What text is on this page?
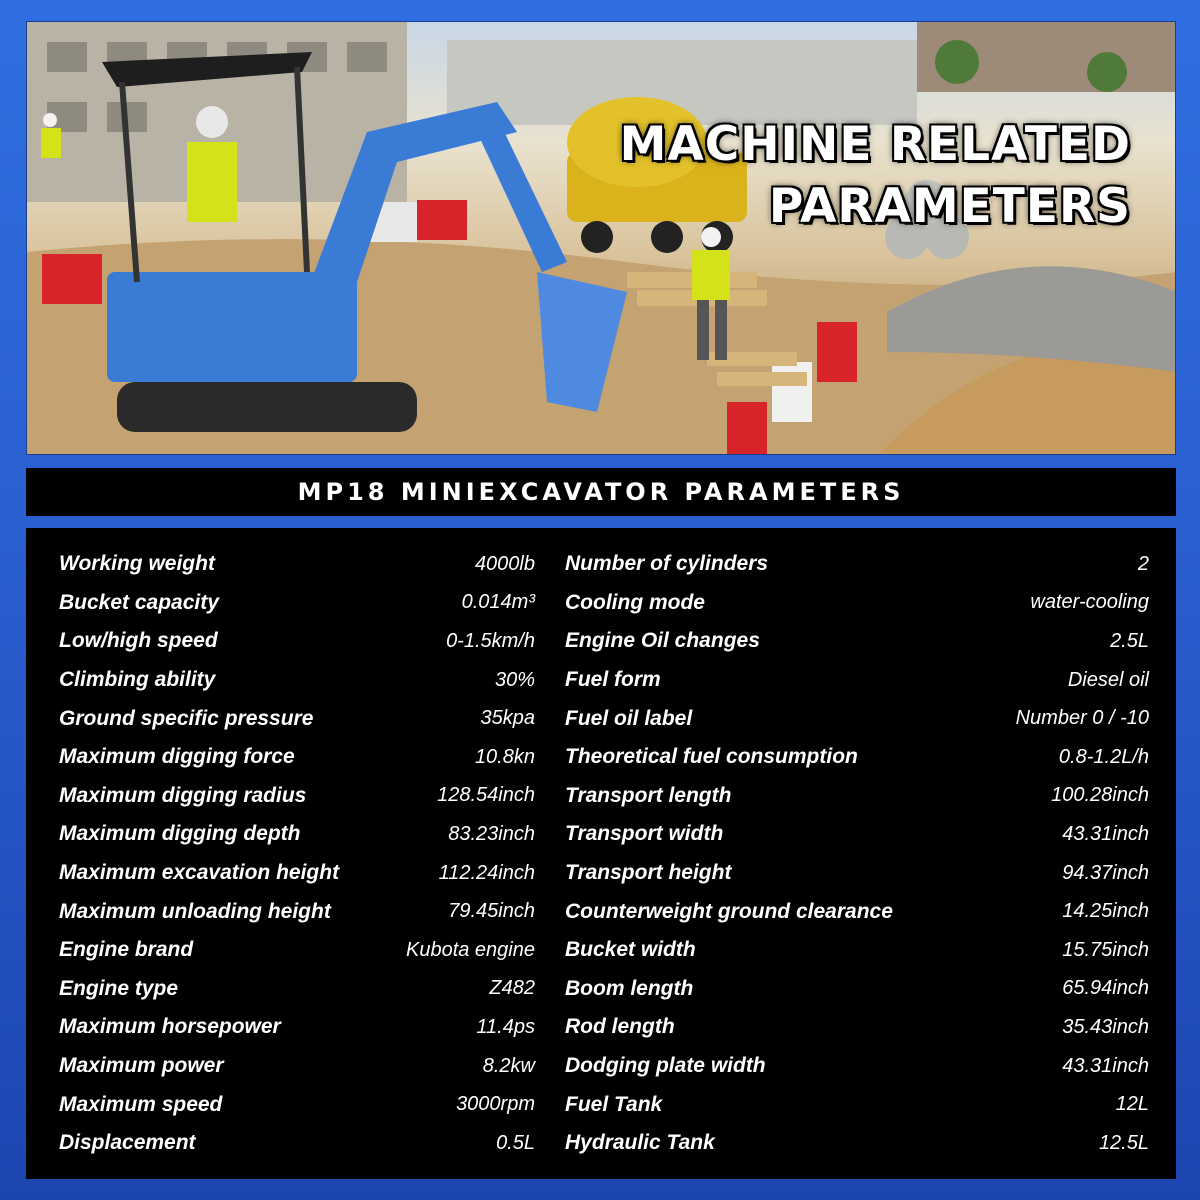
MACHINE RELATED
PARAMETERS
MP18 MINIEXCAVATOR PARAMETERS
Working weight	4000lb
Bucket capacity	0.014m³
Low/high speed	0-1.5km/h
Climbing ability	30%
Ground specific pressure	35kpa
Maximum digging force	10.8kn
Maximum digging radius	128.54inch
Maximum digging depth	83.23inch
Maximum excavation height	112.24inch
Maximum unloading height	79.45inch
Engine brand	Kubota engine
Engine type	Z482
Maximum horsepower	11.4ps
Maximum power	8.2kw
Maximum speed	3000rpm
Displacement	0.5L
Number of cylinders	2
Cooling mode	water-cooling
Engine Oil changes	2.5L
Fuel form	Diesel oil
Fuel oil label	Number 0 / -10
Theoretical fuel consumption	0.8-1.2L/h
Transport length	100.28inch
Transport width	43.31inch
Transport height	94.37inch
Counterweight ground clearance	14.25inch
Bucket width	15.75inch
Boom length	65.94inch
Rod length	35.43inch
Dodging plate width	43.31inch
Fuel Tank	12L
Hydraulic Tank	12.5L
